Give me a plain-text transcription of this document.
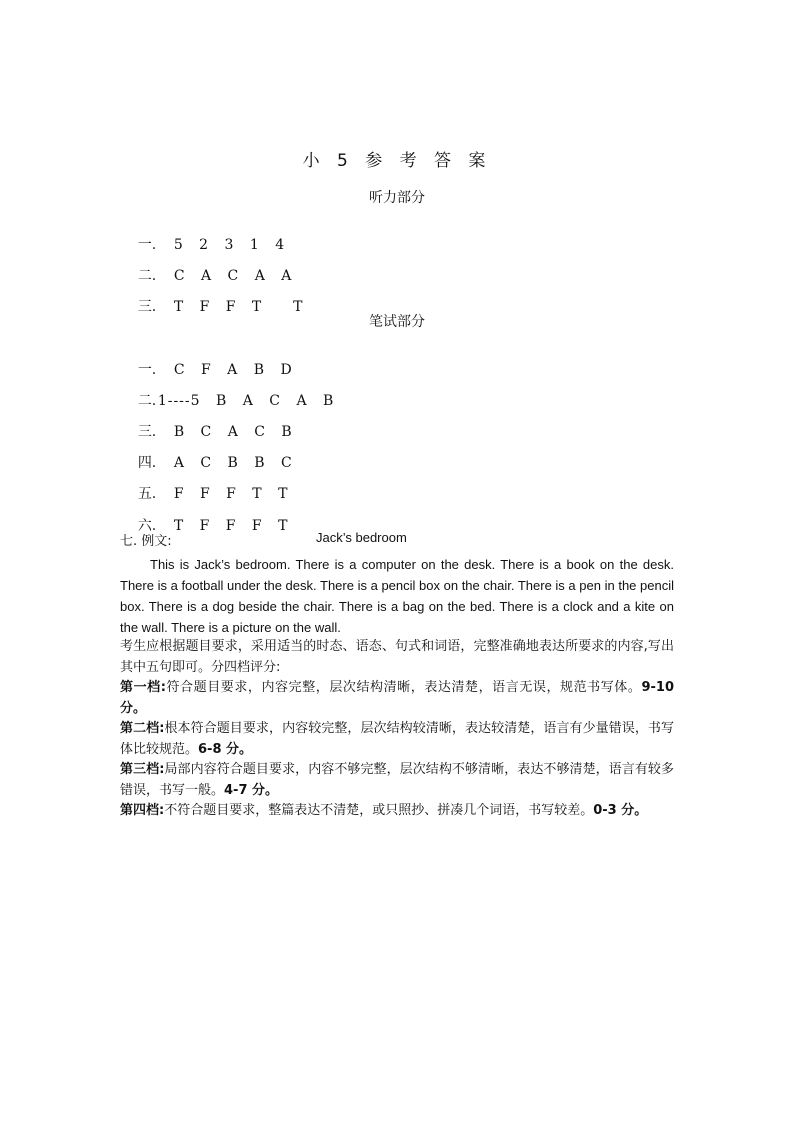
小 5 参 考 答 案
听力部分

一. 5 2 3 1 4

二. C A C A A

三. T F F T  T

笔试部分

一. C F A B D

二. 1----5 B A C A B

三. B C A C B

四. A C B B C

五. F F F T T

六. T F F F T

七. 例文:	Jack’s bedroom

This is Jack’s bedroom. There is a computer on the desk. There is a book on the desk. There is a football under the desk. There is a pencil box on the chair. There is a pen in the pencil box. There is a dog beside the chair. There is a bag on the bed. There is a clock and a kite on the wall. There is a picture on the wall.

考生应根据题目要求，采用适当的时态、语态、句式和词语，完整准确地表达所要求的内容,写出其中五句即可。分四档评分:

第一档:符合题目要求，内容完整，层次结构清晰，表达清楚，语言无误，规范书写体。9-10 分。

第二档:根本符合题目要求，内容较完整，层次结构较清晰，表达较清楚，语言有少量错误，书写体比较规范。6-8 分。

第三档:局部内容符合题目要求，内容不够完整，层次结构不够清晰，表达不够清楚，语言有较多错误，书写一般。4-7 分。

第四档:不符合题目要求，整篇表达不清楚，或只照抄、拼凑几个词语，书写较差。0-3 分。
